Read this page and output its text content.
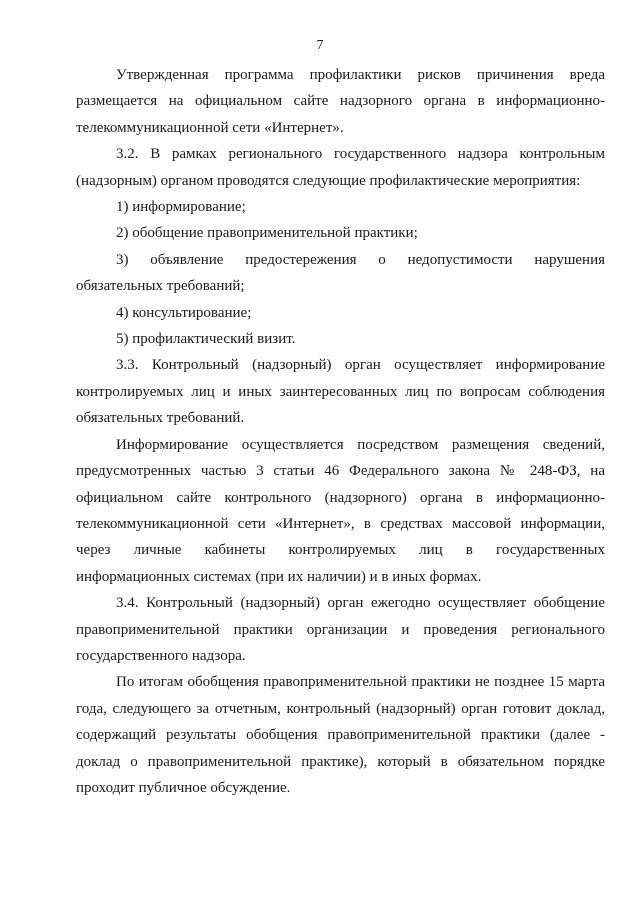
7

Утвержденная программа профилактики рисков причинения вреда размещается на официальном сайте надзорного органа в информационно-телекоммуникационной сети «Интернет».

3.2. В рамках регионального государственного надзора контрольным (надзорным) органом проводятся следующие профилактические мероприятия:

1) информирование;

2) обобщение правоприменительной практики;

3) объявление предостережения о недопустимости нарушения обязательных требований;

4) консультирование;

5) профилактический визит.

3.3. Контрольный (надзорный) орган осуществляет информирование контролируемых лиц и иных заинтересованных лиц по вопросам соблюдения обязательных требований.

Информирование осуществляется посредством размещения сведений, предусмотренных частью 3 статьи 46 Федерального закона № 248-ФЗ, на официальном сайте контрольного (надзорного) органа в информационно-телекоммуникационной сети «Интернет», в средствах массовой информации, через личные кабинеты контролируемых лиц в государственных информационных системах (при их наличии) и в иных формах.

3.4. Контрольный (надзорный) орган ежегодно осуществляет обобщение правоприменительной практики организации и проведения регионального государственного надзора.

По итогам обобщения правоприменительной практики не позднее 15 марта года, следующего за отчетным, контрольный (надзорный) орган готовит доклад, содержащий результаты обобщения правоприменительной практики (далее - доклад о правоприменительной практике), который в обязательном порядке проходит публичное обсуждение.
